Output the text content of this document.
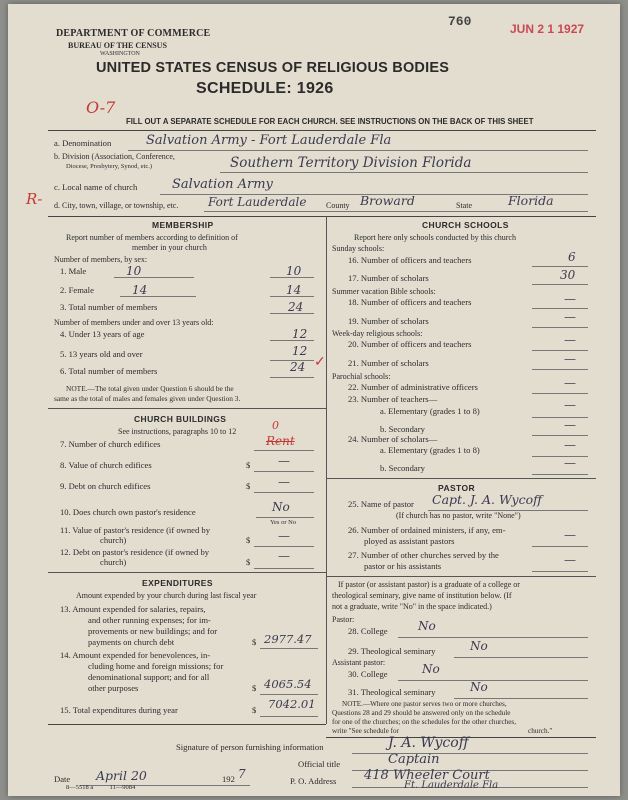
DEPARTMENT OF COMMERCE
BUREAU OF THE CENSUS
WASHINGTON
760	JUN 2 1 1927
UNITED STATES CENSUS OF RELIGIOUS BODIES
SCHEDULE: 1926
O-7
FILL OUT A SEPARATE SCHEDULE FOR EACH CHURCH. SEE INSTRUCTIONS ON THE BACK OF THIS SHEET
a. Denomination	Salvation Army - Fort Lauderdale Fla
b. Division (Association, Conference,
Diocese, Presbytery, Synod, etc.)	Southern Territory Division Florida
R-
c. Local name of church	Salvation Army
d. City, town, village, or township, etc. Fort Lauderdale County Broward	State	Florida
MEMBERSHIP
Report number of members according to definition of
member in your church
Number of members, by sex:
1. Male	10	10
2. Female	14	14
3. Total number of members	24
Number of members under and over 13 years old:
4. Under 13 years of age	12
5. 13 years old and over	12
6. Total number of members	24 ✓
NOTE.—The total given under Question 6 should be the
same as the total of males and females given under Question 3.
CHURCH BUILDINGS
See instructions, paragraphs 10 to 12	0
7. Number of church edifices	Rent
8. Value of church edifices	$ —
9. Debt on church edifices	$ —
10. Does church own pastor's residence	No
Yes or No
11. Value of pastor's residence (if owned by
church)	$ —
12. Debt on pastor's residence (if owned by
church)	$ —
EXPENDITURES
Amount expended by your church during last fiscal year
13. Amount expended for salaries, repairs,
and other running expenses; for im-
provements or new buildings; and for
payments on church debt	$ 2977.47
14. Amount expended for benevolences, in-
cluding home and foreign missions; for
denominational support; and for all
other purposes	$ 4065.54
15. Total expenditures during year	$ 7042.01
CHURCH SCHOOLS
Report here only schools conducted by this church
Sunday schools:
16. Number of officers and teachers	6
17. Number of scholars	30
Summer vacation Bible schools:
18. Number of officers and teachers	—
19. Number of scholars	—
Week-day religious schools:
20. Number of officers and teachers	—
21. Number of scholars	—
Parochial schools:
22. Number of administrative officers	—
23. Number of teachers—
a. Elementary (grades 1 to 8)	—
b. Secondary	—
24. Number of scholars—
a. Elementary (grades 1 to 8)	—
b. Secondary	—
PASTOR
25. Name of pastor Capt. J. A. Wycoff
(If church has no pastor, write "None")
26. Number of ordained ministers, if any, em-
ployed as assistant pastors	—
27. Number of other churches served by the
pastor or his assistants	—
If pastor (or assistant pastor) is a graduate of a college or
theological seminary, give name of institution below. (If
not a graduate, write "No" in the space indicated.)
Pastor:
28. College	No
29. Theological seminary	No
Assistant pastor:
30. College	No
31. Theological seminary	No
NOTE.—Where one pastor serves two or more churches,
Questions 28 and 29 should be answered only on the schedule
for one of the churches; on the schedules for the other churches,
write "See schedule for	church."
Signature of person furnishing information	J. A. Wycoff
Official title	Captain
Date April 20	192 7	P. O. Address 418 Wheeler Court
Ft. Lauderdale Fla
8—5518 a          11—9084
